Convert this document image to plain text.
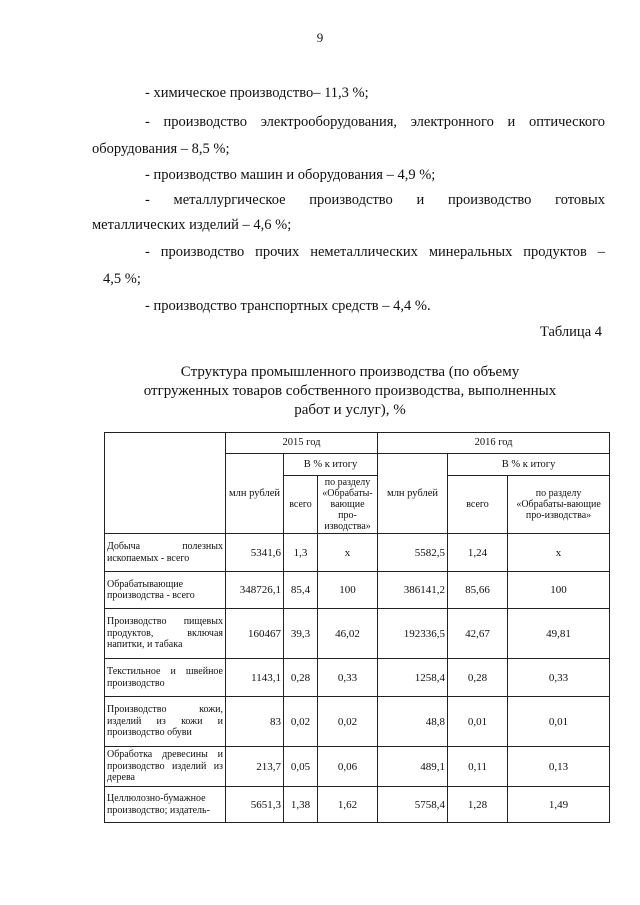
9
- химическое производство– 11,3 %;
- производство электрооборудования, электронного и оптического
оборудования – 8,5 %;
- производство машин и оборудования – 4,9 %;
- металлургическое производство и производство готовых
металлических изделий – 4,6 %;
- производство прочих неметаллических минеральных продуктов –
4,5 %;
- производство транспортных средств – 4,4 %.
Таблица 4
Структура промышленного производства (по объему
отгруженных товаров собственного производства, выполненных
работ и услуг), %
	2015 год			2016 год		
	млн рублей	В % к итогу		млн рублей	В % к итогу	
		всего	по разделу «Обрабаты-вающие про-изводства»		всего	по разделу «Обрабаты-вающие про-изводства»
Добыча полезных ископаемых - всего	5341,6	1,3	х	5582,5	1,24	х
Обрабатывающие производства - всего	348726,1	85,4	100	386141,2	85,66	100
Производство пищевых продуктов, включая напитки, и табака	160467	39,3	46,02	192336,5	42,67	49,81
Текстильное и швейное производство	1143,1	0,28	0,33	1258,4	0,28	0,33
Производство кожи, изделий из кожи и производство обуви	83	0,02	0,02	48,8	0,01	0,01
Обработка древесины и производство изделий из дерева	213,7	0,05	0,06	489,1	0,11	0,13
Целлюлозно-бумажное производство; издатель-	5651,3	1,38	1,62	5758,4	1,28	1,49
